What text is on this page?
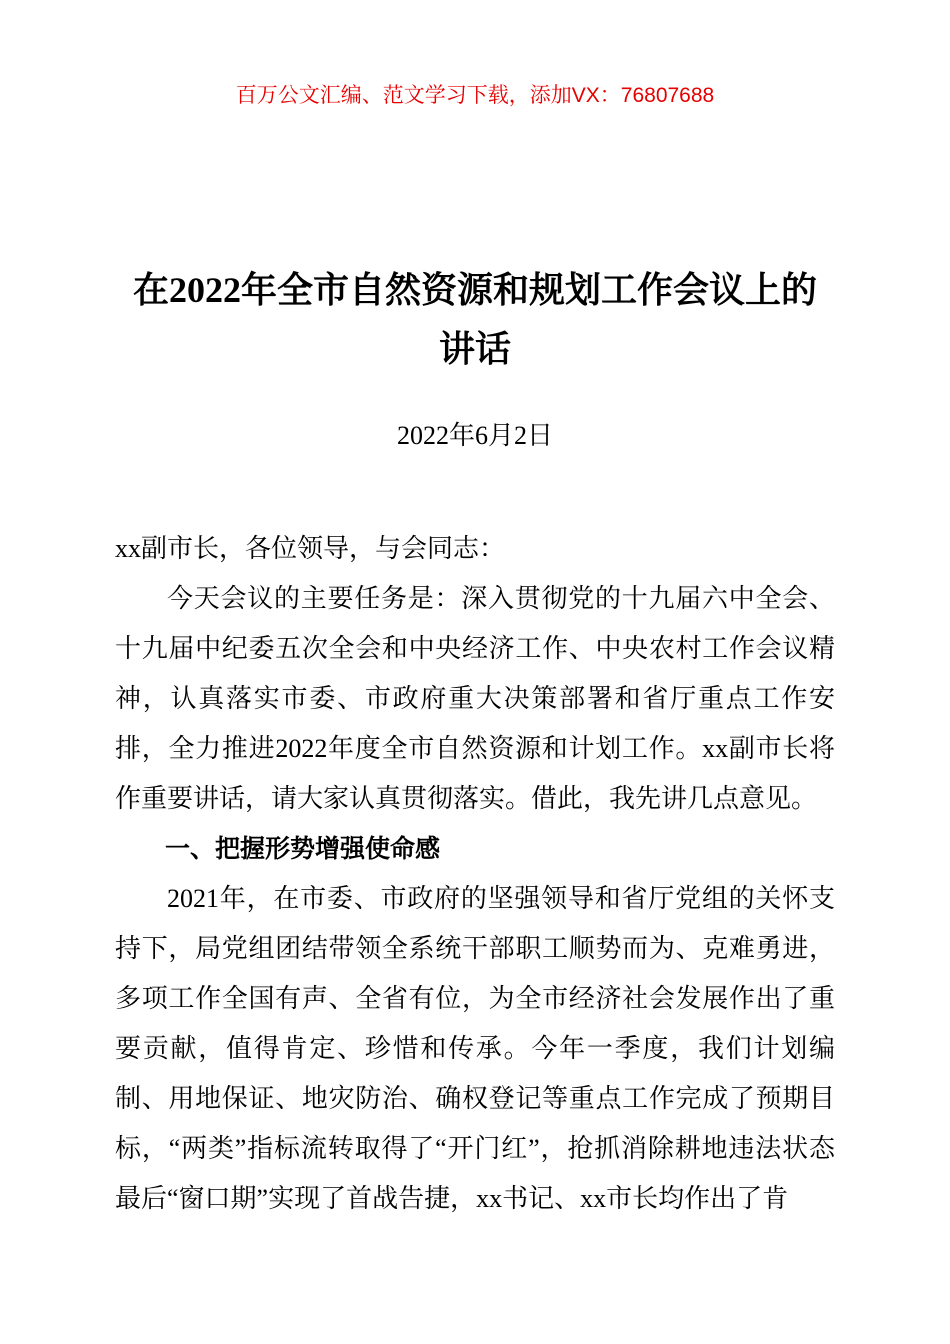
百万公文汇编、范文学习下载，添加VX：76807688
在2022年全市自然资源和规划工作会议上的
讲话
2022年6月2日

xx副市长，各位领导，与会同志：

今天会议的主要任务是：深入贯彻党的十九届六中全会、十九届中纪委五次全会和中央经济工作、中央农村工作会议精神，认真落实市委、市政府重大决策部署和省厅重点工作安排，全力推进2022年度全市自然资源和计划工作。xx副市长将作重要讲话，请大家认真贯彻落实。借此，我先讲几点意见。

一、把握形势增强使命感

2021年，在市委、市政府的坚强领导和省厅党组的关怀支持下，局党组团结带领全系统干部职工顺势而为、克难勇进，多项工作全国有声、全省有位，为全市经济社会发展作出了重要贡献，值得肯定、珍惜和传承。今年一季度，我们计划编制、用地保证、地灾防治、确权登记等重点工作完成了预期目标，“两类”指标流转取得了“开门红”，抢抓消除耕地违法状态最后“窗口期”实现了首战告捷，xx书记、xx市长均作出了肯
